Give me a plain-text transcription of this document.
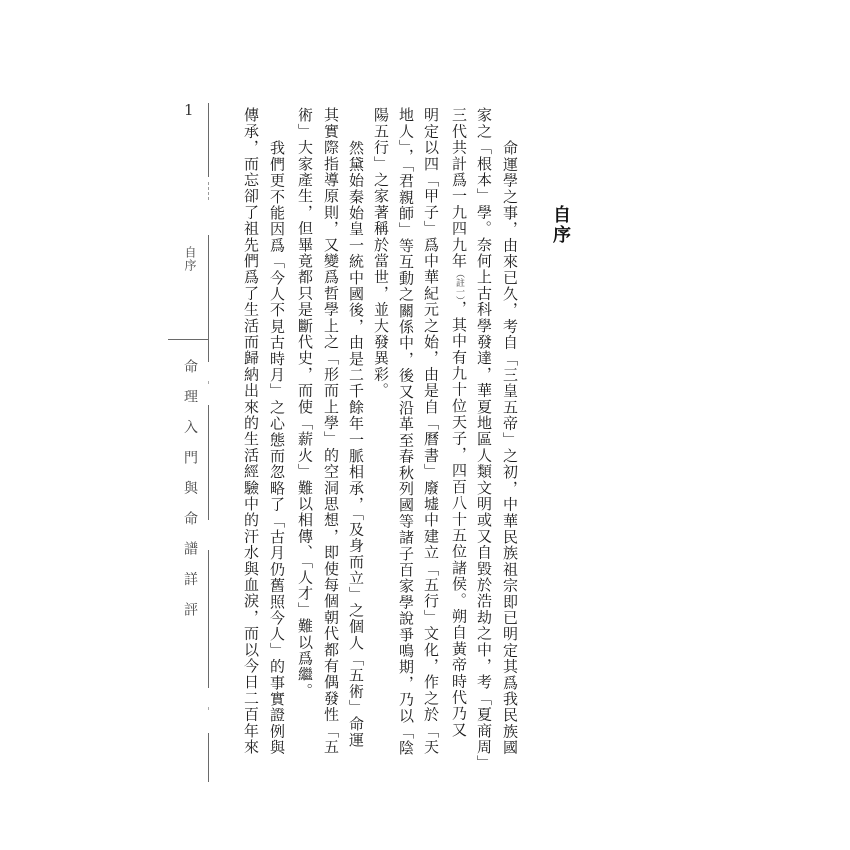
1
自序
命理入門與命譜詳評
自序
命運學之事，由來已久，考自「三皇五帝」之初，中華民族祖宗即已明定其爲我民族國
家之「根本」學。奈何上古科學發達，華夏地區人類文明或又自毀於浩劫之中，考「夏商周」
三代共計爲一九四九年（註一），其中有九十位天子，四百八十五位諸侯。朔自黃帝時代乃又
明定以四「甲子」爲中華紀元之始，由是自「曆書」廢墟中建立「五行」文化，作之於「天
地人」，「君親師」等互動之關係中，後又沿革至春秋列國等諸子百家學說爭鳴期，乃以「陰
陽五行」之家著稱於當世，並大發異彩。
然黛始秦始皇一統中國後，由是二千餘年一脈相承，「及身而立」之個人「五術」命運
其實際指導原則，又變爲哲學上之「形而上學」的空洞思想，即使每個朝代都有偶發性「五
術」大家產生，但畢竟都只是斷代史，而使「薪火」難以相傳、「人才」難以爲繼。
我們更不能因爲「今人不見古時月」之心態而忽略了「古月仍舊照今人」的事實證例與
傳承，而忘卻了祖先們爲了生活而歸納出來的生活經驗中的汗水與血淚，而以今日二百年來
